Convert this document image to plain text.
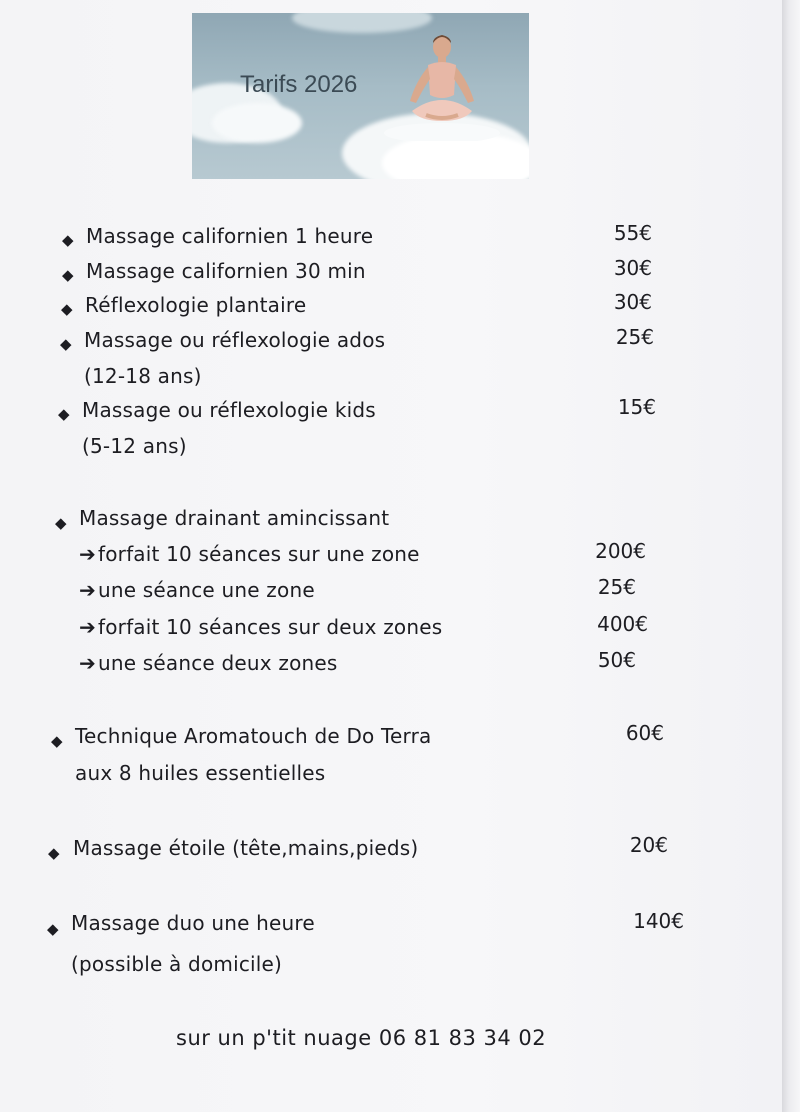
Tarifs 2026
◆ Massage californien 1 heure	55€
◆ Massage californien 30 min	30€
◆ Réflexologie plantaire	30€
◆ Massage ou réflexologie ados
(12-18 ans)
25€
◆ Massage ou réflexologie kids
(5-12 ans)
15€
◆ Massage drainant amincissant
➔ forfait 10 séances sur une zone	200€
➔ une séance une zone	25€
➔ forfait 10 séances sur deux zones	400€
➔ une séance deux zones	50€
◆ Technique Aromatouch de Do Terra
aux 8 huiles essentielles
60€
◆ Massage étoile (tête,mains,pieds)	20€
◆ Massage duo une heure
(possible à domicile)
140€
sur un p'tit nuage 06 81 83 34 02
